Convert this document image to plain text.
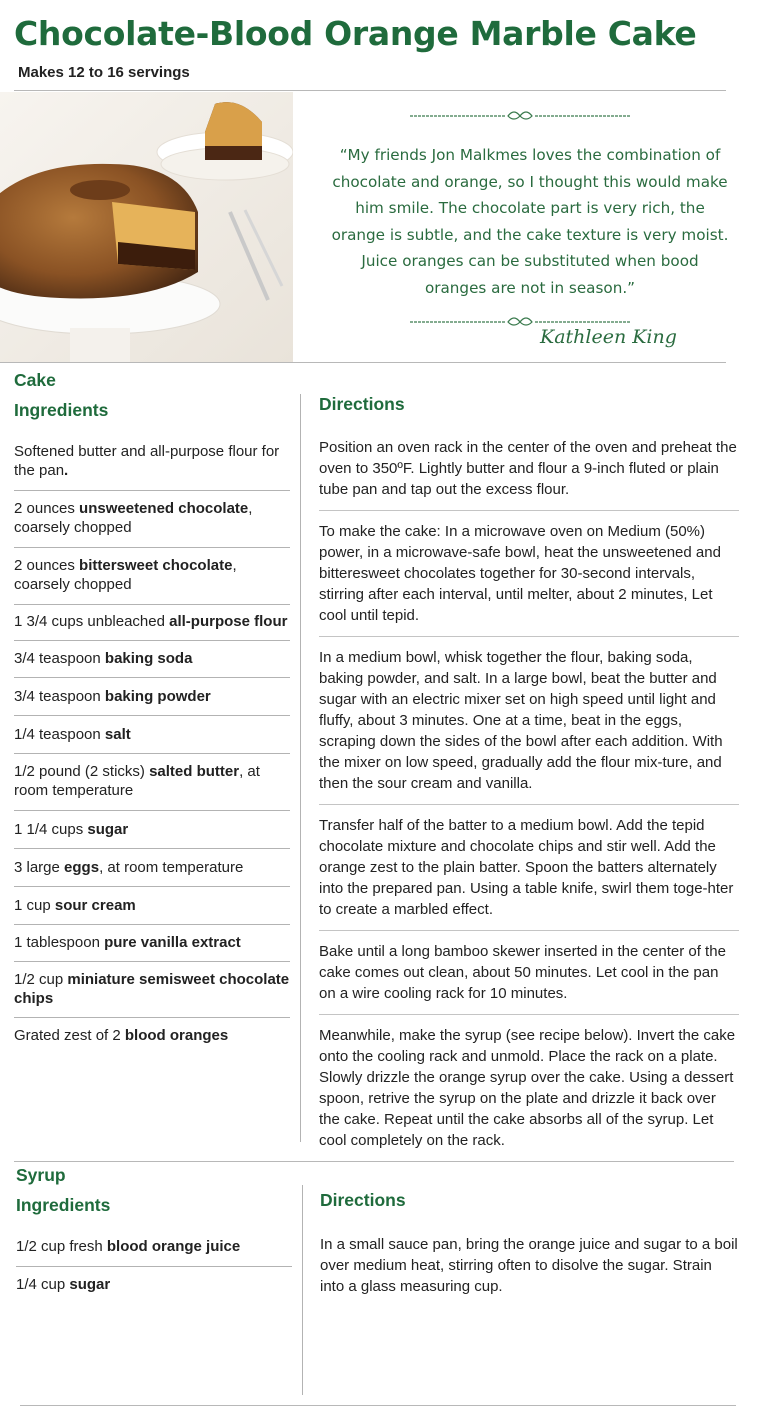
Chocolate-Blood Orange Marble Cake
Makes 12 to 16 servings

“My friends Jon Malkmes loves the combination of chocolate and orange, so I thought this would make him smile. The chocolate part is very rich, the orange is subtle, and the cake texture is very moist. Juice oranges can be substituted when bood oranges are not in season.”

Kathleen King
Cake
Ingredients
Softened butter and all-purpose flour for the pan.
2 ounces unsweetened chocolate, coarsely chopped
2 ounces bittersweet chocolate, coarsely chopped
1 3/4 cups unbleached all-purpose flour
3/4 teaspoon baking soda
3/4 teaspoon baking powder
1/4 teaspoon salt
1/2 pound (2 sticks) salted butter, at room temperature
1 1/4 cups sugar
3 large eggs, at room temperature
1 cup sour cream
1 tablespoon pure vanilla extract
1/2 cup miniature semisweet chocolate chips
Grated zest of 2 blood oranges
Directions
Position an oven rack in the center of the oven and preheat the oven to 350ºF. Lightly butter and flour a 9-inch fluted or plain tube pan and tap out the excess flour.
To make the cake: In a microwave oven on Medium (50%) power, in a microwave-safe bowl, heat the unsweetened and bitteresweet chocolates together for 30-second intervals, stirring after each interval, until melter, about 2 minutes, Let cool until tepid.
In a medium bowl, whisk together the flour, baking soda, baking powder, and salt. In a large bowl, beat the butter and sugar with an electric mixer set on high speed until light and fluffy, about 3 minutes. One at a time, beat in the eggs, scraping down the sides of the bowl after each addition. With the mixer on low speed, gradually add the flour mix-ture, and then the sour cream and vanilla.
Transfer half of the batter to a medium bowl. Add the tepid chocolate mixture and chocolate chips and stir well. Add the orange zest to the plain batter. Spoon the batters alternately into the prepared pan. Using a table knife, swirl them toge-hter to create a marbled effect.
Bake until a long bamboo skewer inserted in the center of the cake comes out clean, about 50 minutes. Let cool in the pan on a wire cooling rack for 10 minutes.
Meanwhile, make the syrup (see recipe below). Invert the cake onto the cooling rack and unmold. Place the rack on a plate. Slowly drizzle the orange syrup over the cake. Using a dessert spoon, retrive the syrup on the plate and drizzle it back over the cake. Repeat until the cake absorbs all of the syrup. Let cool completely on the rack.
Syrup
Ingredients
1/2 cup fresh blood orange juice
1/4 cup sugar
Directions
In a small sauce pan, bring the orange juice and sugar to a boil over medium heat, stirring often to disolve the sugar. Strain into a glass measuring cup.
